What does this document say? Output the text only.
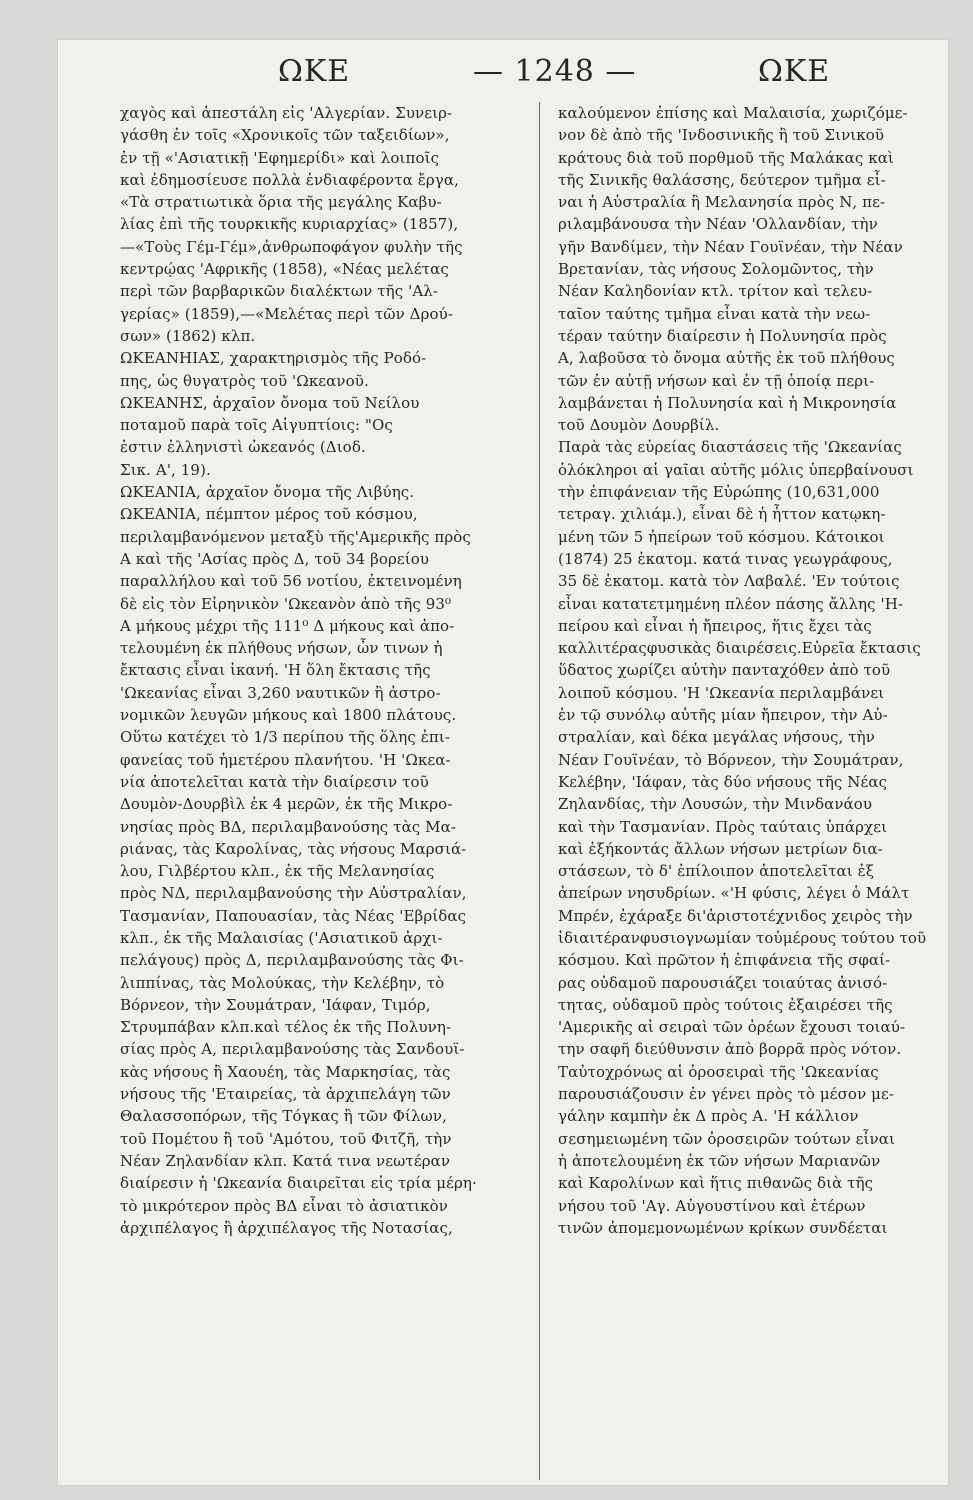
ΩΚΕ	— 1248 —	ΩΚΕ
χαγὸς καὶ ἀπεστάλη εἰς 'Αλγερίαν. Συνειρ-
γάσθη ἐν τοῖς «Χρονικοῖς τῶν ταξειδίων»,
ἐν τῇ «'Ασιατικῇ 'Εφημερίδι» καὶ λοιποῖς
καὶ ἐδημοσίευσε πολλὰ ἐνδιαφέροντα ἔργα,
«Τὰ στρατιωτικὰ ὅρια τῆς μεγάλης Καβυ-
λίας ἐπὶ τῆς τουρκικῆς κυριαρχίας» (1857),
—«Τοὺς Γέμ-Γέμ»,ἀνθρωποφάγον φυλὴν τῆς
κεντρῴας 'Αφρικῆς (1858), «Νέας μελέτας
περὶ τῶν βαρβαρικῶν διαλέκτων τῆς 'Αλ-
γερίας» (1859),—«Μελέτας περὶ τῶν Δρού-
σων» (1862) κλπ.
ΩΚΕΑΝΗΙΑΣ, χαρακτηρισμὸς τῆς Ροδό-
πης, ὡς θυγατρὸς τοῦ 'Ωκεανοῦ.
ΩΚΕΑΝΗΣ, ἀρχαῖον ὄνομα τοῦ Νείλου
ποταμοῦ παρὰ τοῖς Αἰγυπτίοις: "Ος
ἐστιν ἑλληνιστὶ ὠκεανός (Διοδ.
Σικ. Α', 19).
ΩΚΕΑΝΙΑ, ἀρχαῖον ὄνομα τῆς Λιβύης.
ΩΚΕΑΝΙΑ, πέμπτον μέρος τοῦ κόσμου,
περιλαμβανόμενον μεταξὺ τῆς'Αμερικῆς πρὸς
Α καὶ τῆς 'Ασίας πρὸς Δ, τοῦ 34 βορείου
παραλλήλου καὶ τοῦ 56 νοτίου, ἐκτεινομένη
δὲ εἰς τὸν Εἰρηνικὸν 'Ωκεανὸν ἀπὸ τῆς 93⁰
Α μήκους μέχρι τῆς 111⁰ Δ μήκους καὶ ἀπο-
τελουμένη ἐκ πλήθους νήσων, ὧν τινων ἡ
ἔκτασις εἶναι ἱκανή. 'Η ὅλη ἔκτασις τῆς
'Ωκεανίας εἶναι 3,260 ναυτικῶν ἢ ἀστρο-
νομικῶν λευγῶν μήκους καὶ 1800 πλάτους.
Οὕτω κατέχει τὸ 1/3 περίπου τῆς ὅλης ἐπι-
φανείας τοῦ ἡμετέρου πλανήτου. 'Η 'Ωκεα-
νία ἀποτελεῖται κατὰ τὴν διαίρεσιν τοῦ
Δουμὸν-Δουρβὶλ ἐκ 4 μερῶν, ἐκ τῆς Μικρο-
νησίας πρὸς ΒΔ, περιλαμβανούσης τὰς Μα-
ριάνας, τὰς Καρολίνας, τὰς νήσους Μαρσιά-
λου, Γιλβέρτου κλπ., ἐκ τῆς Μελανησίας
πρὸς ΝΔ, περιλαμβανούσης τὴν Αὐστραλίαν,
Τασμανίαν, Παπουασίαν, τὰς Νέας 'Εβρίδας
κλπ., ἐκ τῆς Μαλαισίας ('Ασιατικοῦ ἀρχι-
πελάγους) πρὸς Δ, περιλαμβανούσης τὰς Φι-
λιππίνας, τὰς Μολούκας, τὴν Κελέβην, τὸ
Βόρνεον, τὴν Σουμάτραν, 'Ιάφαν, Τιμόρ,
Στρυμπάβαν κλπ.καὶ τέλος ἐκ τῆς Πολυνη-
σίας πρὸς Α, περιλαμβανούσης τὰς Σανδουϊ-
κὰς νήσους ἢ Χαουέη, τὰς Μαρκησίας, τὰς
νήσους τῆς 'Εταιρείας, τὰ ἀρχιπελάγη τῶν
Θαλασσοπόρων, τῆς Τόγκας ἢ τῶν Φίλων,
τοῦ Πομέτου ἢ τοῦ 'Αμότου, τοῦ Φιτζῆ, τὴν
Νέαν Ζηλανδίαν κλπ. Κατά τινα νεωτέραν
διαίρεσιν ἡ 'Ωκεανία διαιρεῖται εἰς τρία μέρη·
τὸ μικρότερον πρὸς ΒΔ εἶναι τὸ ἀσιατικὸν
ἀρχιπέλαγος ἢ ἀρχιπέλαγος τῆς Νοτασίας,
καλούμενον ἐπίσης καὶ Μαλαισία, χωριζόμε-
νον δὲ ἀπὸ τῆς 'Ινδοσινικῆς ἢ τοῦ Σινικοῦ
κράτους διὰ τοῦ πορθμοῦ τῆς Μαλάκας καὶ
τῆς Σινικῆς θαλάσσης, δεύτερον τμῆμα εἶ-
ναι ἡ Αὐστραλία ἢ Μελανησία πρὸς Ν, πε-
ριλαμβάνουσα τὴν Νέαν 'Ολλανδίαν, τὴν
γῆν Βανδίμεν, τὴν Νέαν Γουϊνέαν, τὴν Νέαν
Βρετανίαν, τὰς νήσους Σολομῶντος, τὴν
Νέαν Καληδονίαν κτλ. τρίτον καὶ τελευ-
ταῖον ταύτης τμῆμα εἶναι κατὰ τὴν νεω-
τέραν ταύτην διαίρεσιν ἡ Πολυνησία πρὸς
Α, λαβοῦσα τὸ ὄνομα αὐτῆς ἐκ τοῦ πλήθους
τῶν ἐν αὐτῇ νήσων καὶ ἐν τῇ ὁποίᾳ περι-
λαμβάνεται ἡ Πολυνησία καὶ ἡ Μικρονησία
τοῦ Δουμὸν Δουρβίλ.
Παρὰ τὰς εὐρείας διαστάσεις τῆς 'Ωκεανίας
ὁλόκληροι αἱ γαῖαι αὐτῆς μόλις ὑπερβαίνουσι
τὴν ἐπιφάνειαν τῆς Εὐρώπης (10,631,000
τετραγ. χιλιάμ.), εἶναι δὲ ἡ ἧττον κατῳκη-
μένη τῶν 5 ἠπείρων τοῦ κόσμου. Κάτοικοι
(1874) 25 ἑκατομ. κατά τινας γεωγράφους,
35 δὲ ἑκατομ. κατὰ τὸν Λαβαλέ. 'Εν τούτοις
εἶναι κατατετμημένη πλέον πάσης ἄλλης 'Η-
πείρου καὶ εἶναι ἡ ἤπειρος, ἥτις ἔχει τὰς
καλλιτέραςφυσικὰς διαιρέσεις.Εὐρεῖα ἔκτασις
ὕδατος χωρίζει αὐτὴν πανταχόθεν ἀπὸ τοῦ
λοιποῦ κόσμου. 'Η 'Ωκεανία περιλαμβάνει
ἐν τῷ συνόλῳ αὐτῆς μίαν ἤπειρον, τὴν Αὐ-
στραλίαν, καὶ δέκα μεγάλας νήσους, τὴν
Νέαν Γουϊνέαν, τὸ Βόρνεον, τὴν Σουμάτραν,
Κελέβην, 'Ιάφαν, τὰς δύο νήσους τῆς Νέας
Ζηλανδίας, τὴν Λουσών, τὴν Μινδανάου
καὶ τὴν Τασμανίαν. Πρὸς ταύταις ὑπάρχει
καὶ ἑξήκοντάς ἄλλων νήσων μετρίων δια-
στάσεων, τὸ δ' ἐπίλοιπον ἀποτελεῖται ἐξ
ἀπείρων νησυδρίων. «'Η φύσις, λέγει ὁ Μάλτ
Μπρέν, ἐχάραξε δι'ἀριστοτέχνιδος χειρὸς τὴν
ἰδιαιτέρανφυσιογνωμίαν τοὐμέρους τούτου τοῦ
κόσμου. Καὶ πρῶτον ἡ ἐπιφάνεια τῆς σφαί-
ρας οὐδαμοῦ παρουσιάζει τοιαύτας ἀνισό-
τητας, οὐδαμοῦ πρὸς τούτοις ἐξαιρέσει τῆς
'Αμερικῆς αἱ σειραὶ τῶν ὀρέων ἔχουσι τοιαύ-
την σαφῆ διεύθυνσιν ἀπὸ βορρᾶ πρὸς νότον.
Ταὐτοχρόνως αἱ ὀροσειραὶ τῆς 'Ωκεανίας
παρουσιάζουσιν ἐν γένει πρὸς τὸ μέσον με-
γάλην καμπὴν ἐκ Δ πρὸς Α. 'Η κάλλιον
σεσημειωμένη τῶν ὀροσειρῶν τούτων εἶναι
ἡ ἀποτελουμένη ἐκ τῶν νήσων Μαριανῶν
καὶ Καρολίνων καὶ ἥτις πιθανῶς διὰ τῆς
νήσου τοῦ 'Αγ. Αὐγουστίνου καὶ ἑτέρων
τινῶν ἀπομεμονωμένων κρίκων συνδέεται
